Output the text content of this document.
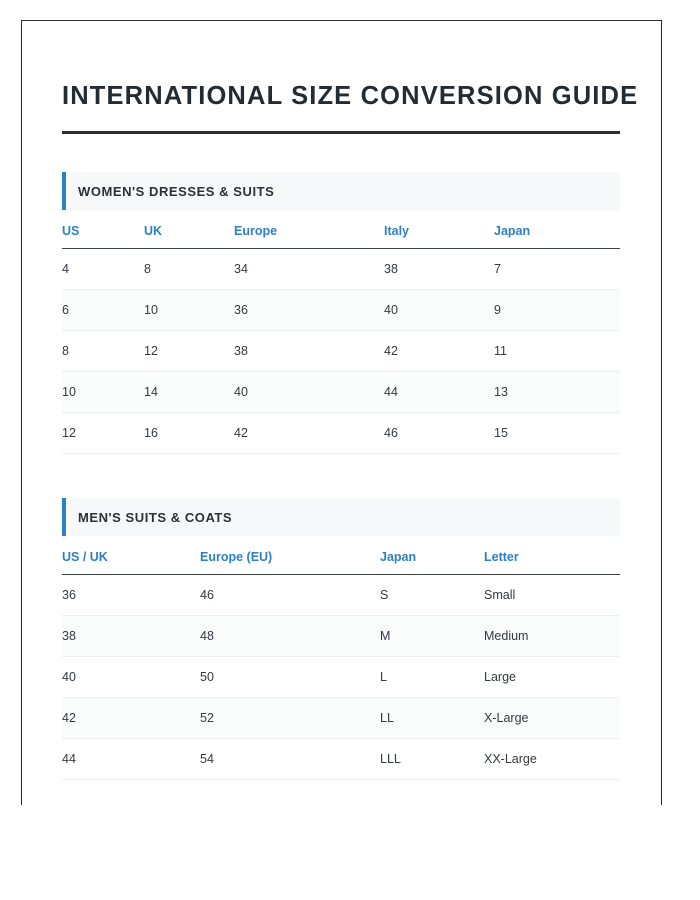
INTERNATIONAL SIZE CONVERSION GUIDE
WOMEN'S DRESSES & SUITS
US	UK	Europe	Italy	Japan
4	8	34	38	7
6	10	36	40	9
8	12	38	42	11
10	14	40	44	13
12	16	42	46	15
MEN'S SUITS & COATS
US / UK	Europe (EU)	Japan	Letter
36	46	S	Small
38	48	M	Medium
40	50	L	Large
42	52	LL	X-Large
44	54	LLL	XX-Large
